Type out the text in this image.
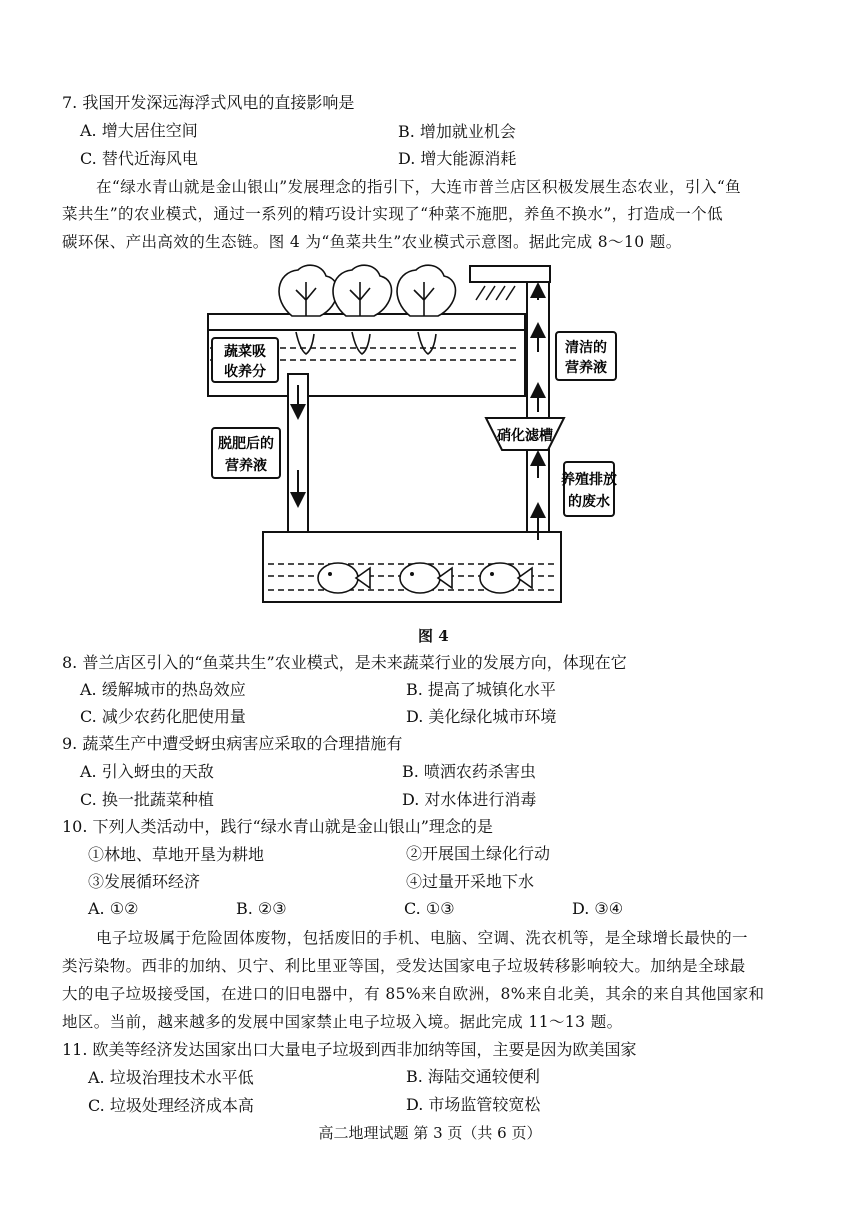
7. 我国开发深远海浮式风电的直接影响是
A. 增大居住空间	B. 增加就业机会
C. 替代近海风电	D. 增大能源消耗
在“绿水青山就是金山银山”发展理念的指引下，大连市普兰店区积极发展生态农业，引入“鱼
菜共生”的农业模式，通过一系列的精巧设计实现了“种菜不施肥，养鱼不换水”，打造成一个低
碳环保、产出高效的生态链。图 4 为“鱼菜共生”农业模式示意图。据此完成 8～10 题。
蔬菜吸
收养分
清洁的
营养液
硝化滤槽
脱肥后的
营养液
养殖排放
的废水
图 4
8. 普兰店区引入的“鱼菜共生”农业模式，是未来蔬菜行业的发展方向，体现在它
A. 缓解城市的热岛效应	B. 提高了城镇化水平
C. 减少农药化肥使用量	D. 美化绿化城市环境
9. 蔬菜生产中遭受蚜虫病害应采取的合理措施有
A. 引入蚜虫的天敌	B. 喷洒农药杀害虫
C. 换一批蔬菜种植	D. 对水体进行消毒
10. 下列人类活动中，践行“绿水青山就是金山银山”理念的是
①林地、草地开垦为耕地	②开展国土绿化行动
③发展循环经济	④过量开采地下水
A. ①②	B. ②③	C. ①③	D. ③④
电子垃圾属于危险固体废物，包括废旧的手机、电脑、空调、洗衣机等，是全球增长最快的一
类污染物。西非的加纳、贝宁、利比里亚等国，受发达国家电子垃圾转移影响较大。加纳是全球最
大的电子垃圾接受国，在进口的旧电器中，有 85%来自欧洲，8%来自北美，其余的来自其他国家和
地区。当前，越来越多的发展中国家禁止电子垃圾入境。据此完成 11～13 题。
11. 欧美等经济发达国家出口大量电子垃圾到西非加纳等国，主要是因为欧美国家
A. 垃圾治理技术水平低	B. 海陆交通较便利
C. 垃圾处理经济成本高	D. 市场监管较宽松
高二地理试题 第 3 页（共 6 页）
